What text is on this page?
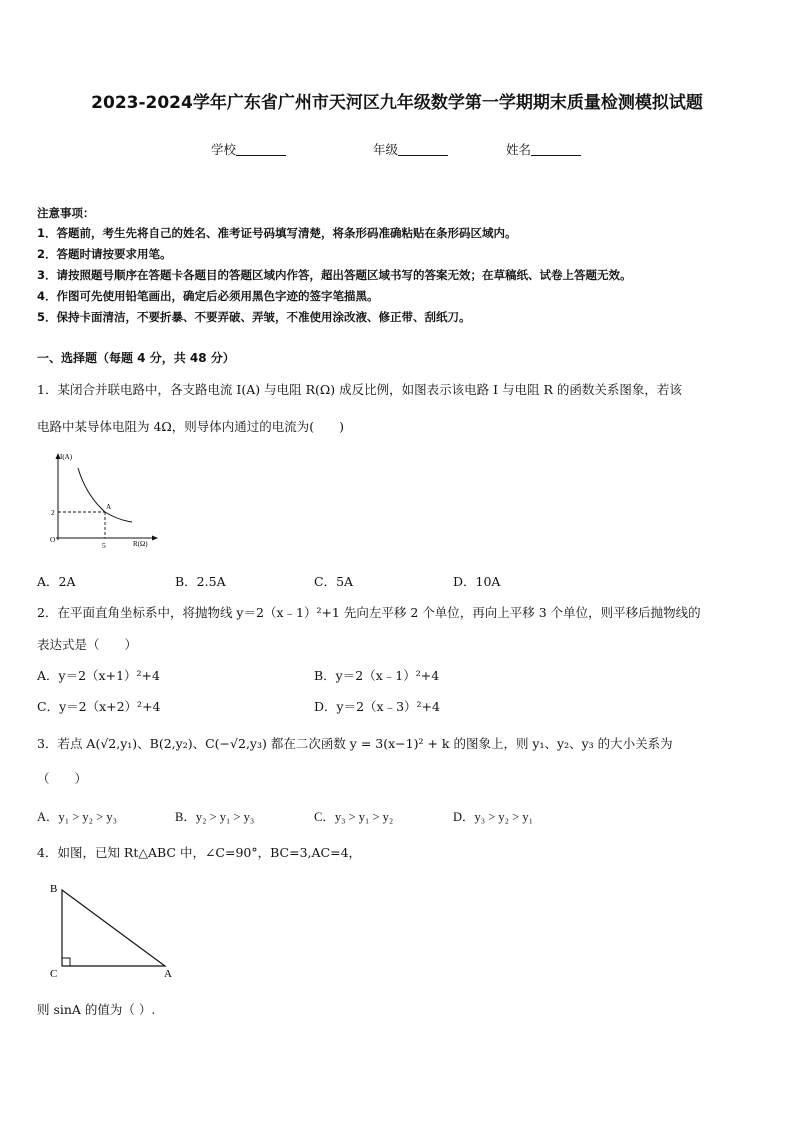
2023-2024学年广东省广州市天河区九年级数学第一学期期末质量检测模拟试题
学校	年级	姓名
注意事项：
1．答题前，考生先将自己的姓名、准考证号码填写清楚，将条形码准确粘贴在条形码区域内。
2．答题时请按要求用笔。
3．请按照题号顺序在答题卡各题目的答题区域内作答，超出答题区域书写的答案无效；在草稿纸、试卷上答题无效。
4．作图可先使用铅笔画出，确定后必须用黑色字迹的签字笔描黑。
5．保持卡面清洁，不要折暴、不要弄破、弄皱，不准使用涂改液、修正带、刮纸刀。
一、选择题（每题 4 分，共 48 分）
1．某闭合并联电路中，各支路电流 I(A) 与电阻 R(Ω) 成反比例，如图表示该电路 I 与电阻 R 的函数关系图象，若该
电路中某导体电阻为 4Ω，则导体内通过的电流为(　　)
I(A)
R(Ω)
O
5
2
A
A．2A	B．2.5A	C．5A	D．10A
2．在平面直角坐标系中，将抛物线 y＝2（x﹣1）²+1 先向左平移 2 个单位，再向上平移 3 个单位，则平移后抛物线的
表达式是（　　）
A．y＝2（x+1）²+4	B．y＝2（x﹣1）²+4
C．y＝2（x+2）²+4	D．y＝2（x﹣3）²+4
3．若点 A(√2,y₁)、B(2,y₂)、C(−√2,y₃) 都在二次函数 y = 3(x−1)² + k 的图象上，则 y₁、y₂、y₃ 的大小关系为
（　　）
A．y₁ > y₂ > y₃	B．y₂ > y₁ > y₃	C．y₃ > y₁ > y₂	D．y₃ > y₂ > y₁
4．如图，已知 Rt△ABC 中，∠C=90°，BC=3,AC=4，
B
C	A
则 sinA 的值为（ ）.
